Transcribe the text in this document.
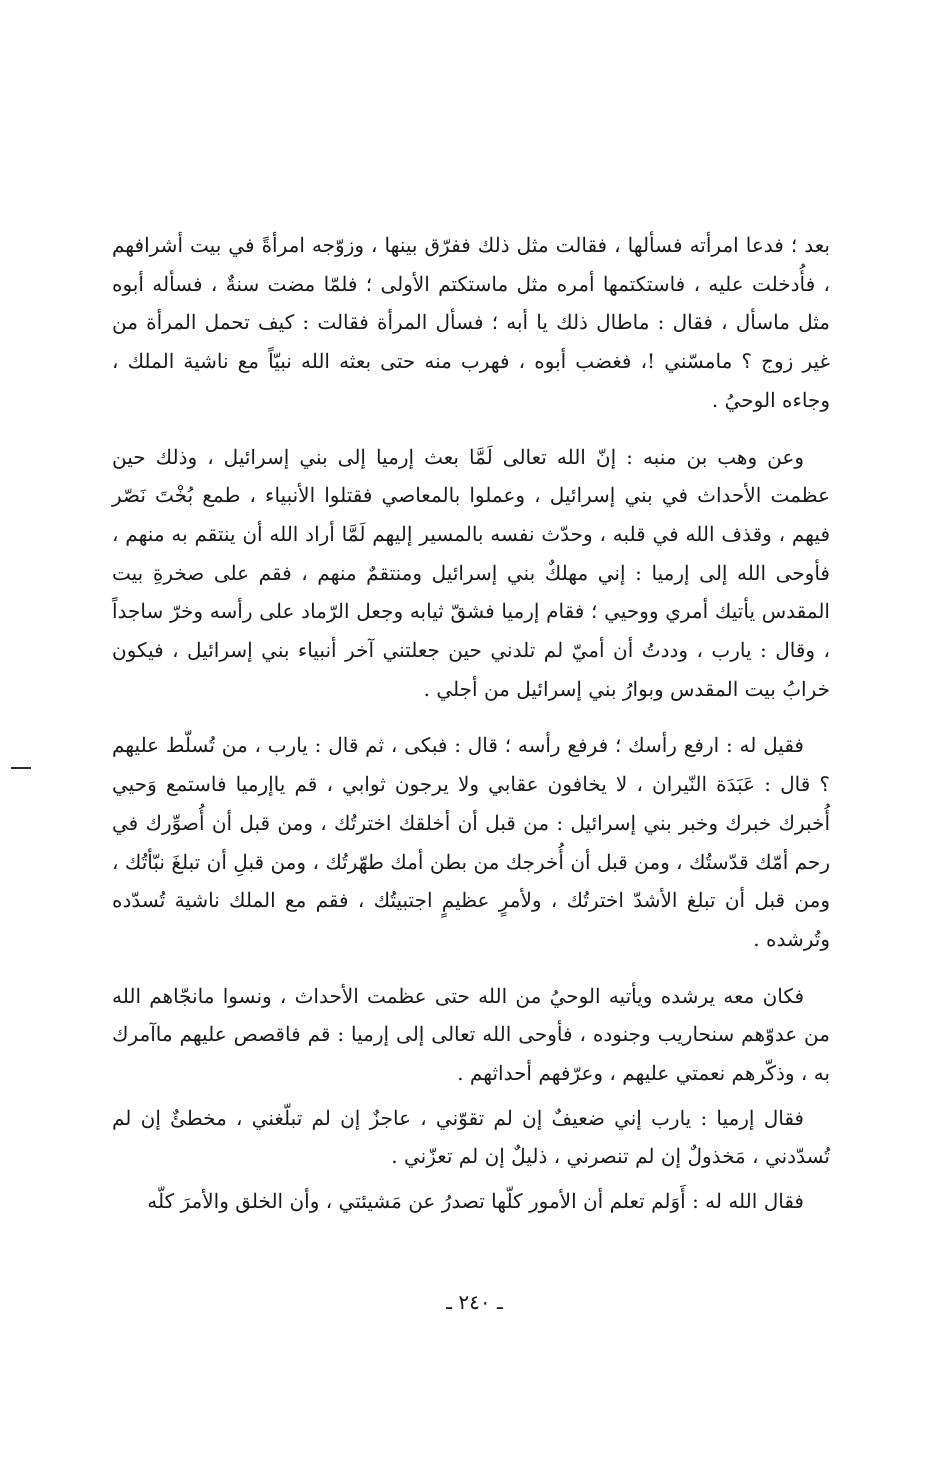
بعد ؛ فدعا امرأته فسألها ، فقالت مثل ذلك ففرّق بينها ، وزوّجه امرأةً في بيت أشرافهم ، فأُدخلت عليه ، فاستكتمها أمره مثل ماستكتم الأولى ؛ فلمّا مضت سنةٌ ، فسأله أبوه مثل ماسأل ، فقال : ماطال ذلك يا أبه ؛ فسأل المرأة فقالت : كيف تحمل المرأة من غير زوج ؟ مامسّني !، فغضب أبوه ، فهرب منه حتى بعثه الله نبيّاً مع ناشية الملك ، وجاءه الوحيُ .

وعن وهب بن منبه : إنّ الله تعالى لَمَّا بعث إرميا إلى بني إسرائيل ، وذلك حين عظمت الأحداث في بني إسرائيل ، وعملوا بالمعاصي فقتلوا الأنبياء ، طمع بُخْتَ نَصّر فيهم ، وقذف الله في قلبه ، وحدّث نفسه بالمسير إليهم لَمَّا أراد الله أن ينتقم به منهم ، فأوحى الله إلى إرميا : إني مهلكٌ بني إسرائيل ومنتقمٌ منهم ، فقم على صخرةِ بيت المقدس يأتيك أمري ووحيي ؛ فقام إرميا فشقّ ثيابه وجعل الرّماد على رأسه وخرّ ساجداً ، وقال : يارب ، وددتُ أن أميّ لم تلدني حين جعلتني آخر أنبياء بني إسرائيل ، فيكون خرابُ بيت المقدس وبوارُ بني إسرائيل من أجلي .

فقيل له : ارفع رأسك ؛ فرفع رأسه ؛ قال : فبكى ، ثم قال : يارب ، من تُسلّط عليهم ؟ قال : عَبَدَة النّيران ، لا يخافون عقابي ولا يرجون ثوابي ، قم ياإرميا فاستمع وَحيي أُخبرك خبرك وخبر بني إسرائيل : من قبل أن أخلقك اخترتُك ، ومن قبل أن أُصوِّرك في رحم أمّك قدّستُك ، ومن قبل أن أُخرجك من بطن أمك طهّرتُك ، ومن قبلِ أن تبلغَ نبّأتُك ، ومن قبل أن تبلغ الأشدّ اخترتُك ، ولأمرٍ عظيمٍ اجتبيتُك ، فقم مع الملك ناشية تُسدّده وتُرشده .

فكان معه يرشده ويأتيه الوحيُ من الله حتى عظمت الأحداث ، ونسوا مانجّاهم الله من عدوّهم سنحاريب وجنوده ، فأوحى الله تعالى إلى إرميا : قم فاقصص عليهم ماآمرك به ، وذكّرهم نعمتي عليهم ، وعرّفهم أحداثهم .

فقال إرميا : يارب إني ضعيفٌ إن لم تقوّني ، عاجزٌ إن لم تبلّغني ، مخطئٌ إن لم تُسدّدني ، مَخذولٌ إن لم تنصرني ، ذليلٌ إن لم تعزّني .

فقال الله له : أَوَلم تعلم أن الأمور كلّها تصدرُ عن مَشيئتي ، وأن الخلق والأمرَ كلّه

ـ ٢٤٠ ـ
